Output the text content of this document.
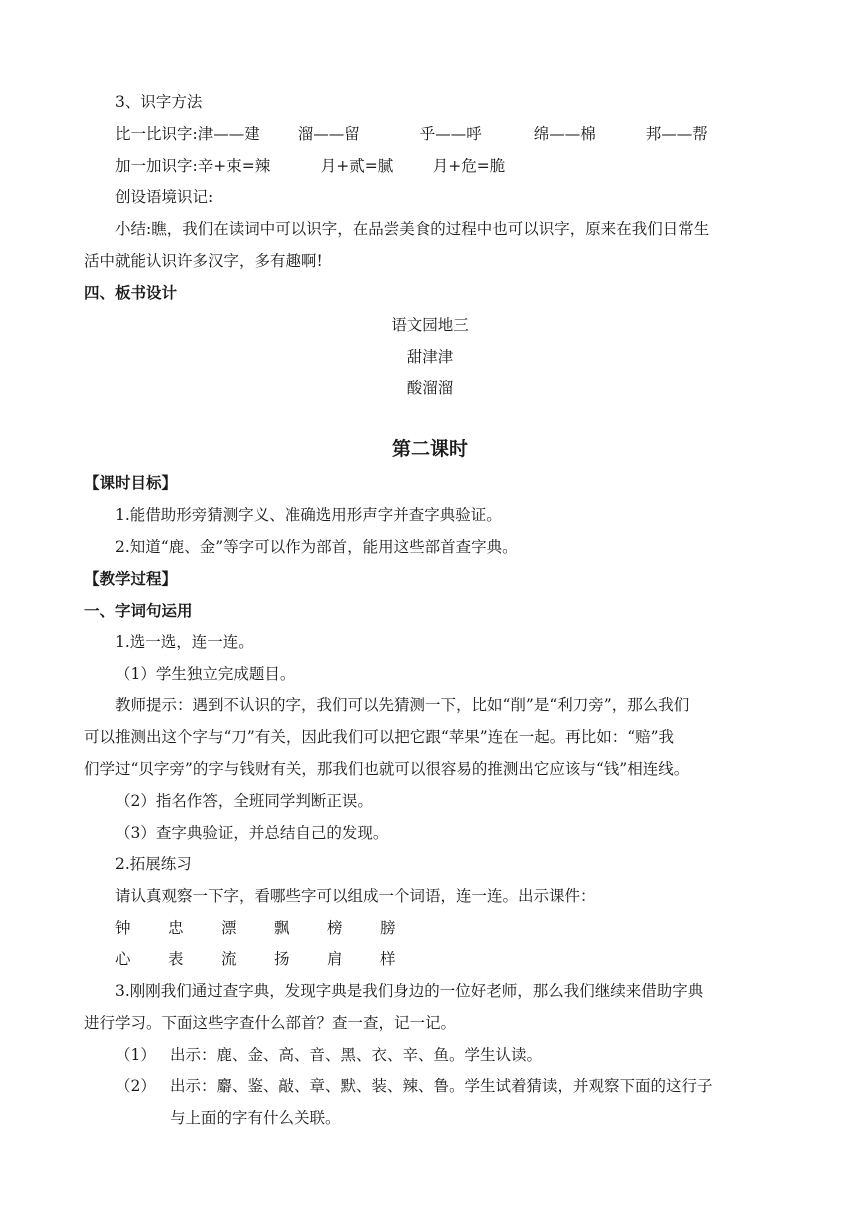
3、识字方法
比一比识字:津——建 溜——留	乎——呼	绵——棉	邦——帮
加一加识字:辛+束=辣	月+贰=腻	月+危=脆
创设语境识记:
小结:瞧，我们在读词中可以识字，在品尝美食的过程中也可以识字，原来在我们日常生
活中就能认识许多汉字，多有趣啊!
四、板书设计
语文园地三
甜津津
酸溜溜
第二课时
【课时目标】
1.能借助形旁猜测字义、准确选用形声字并查字典验证。
2.知道“鹿、金”等字可以作为部首，能用这些部首查字典。
【教学过程】
一、字词句运用
1.选一选，连一连。
（1）学生独立完成题目。
教师提示：遇到不认识的字，我们可以先猜测一下，比如“削”是“利刀旁”，那么我们
可以推测出这个字与“刀”有关，因此我们可以把它跟“苹果”连在一起。再比如：“赔”我
们学过“贝字旁”的字与钱财有关，那我们也就可以很容易的推测出它应该与“钱”相连线。
（2）指名作答，全班同学判断正误。
（3）查字典验证，并总结自己的发现。
2.拓展练习
请认真观察一下字，看哪些字可以组成一个词语，连一连。出示课件：
钟 忠 漂 飘 榜 膀
心 表 流 扬 肩 样
3.刚刚我们通过查字典，发现字典是我们身边的一位好老师，那么我们继续来借助字典
进行学习。下面这些字查什么部首？查一查，记一记。
（1） 出示：鹿、金、高、音、黑、衣、辛、鱼。学生认读。
（2） 出示：麝、鉴、敲、章、默、装、辣、鲁。学生试着猜读，并观察下面的这行子
与上面的字有什么关联。
